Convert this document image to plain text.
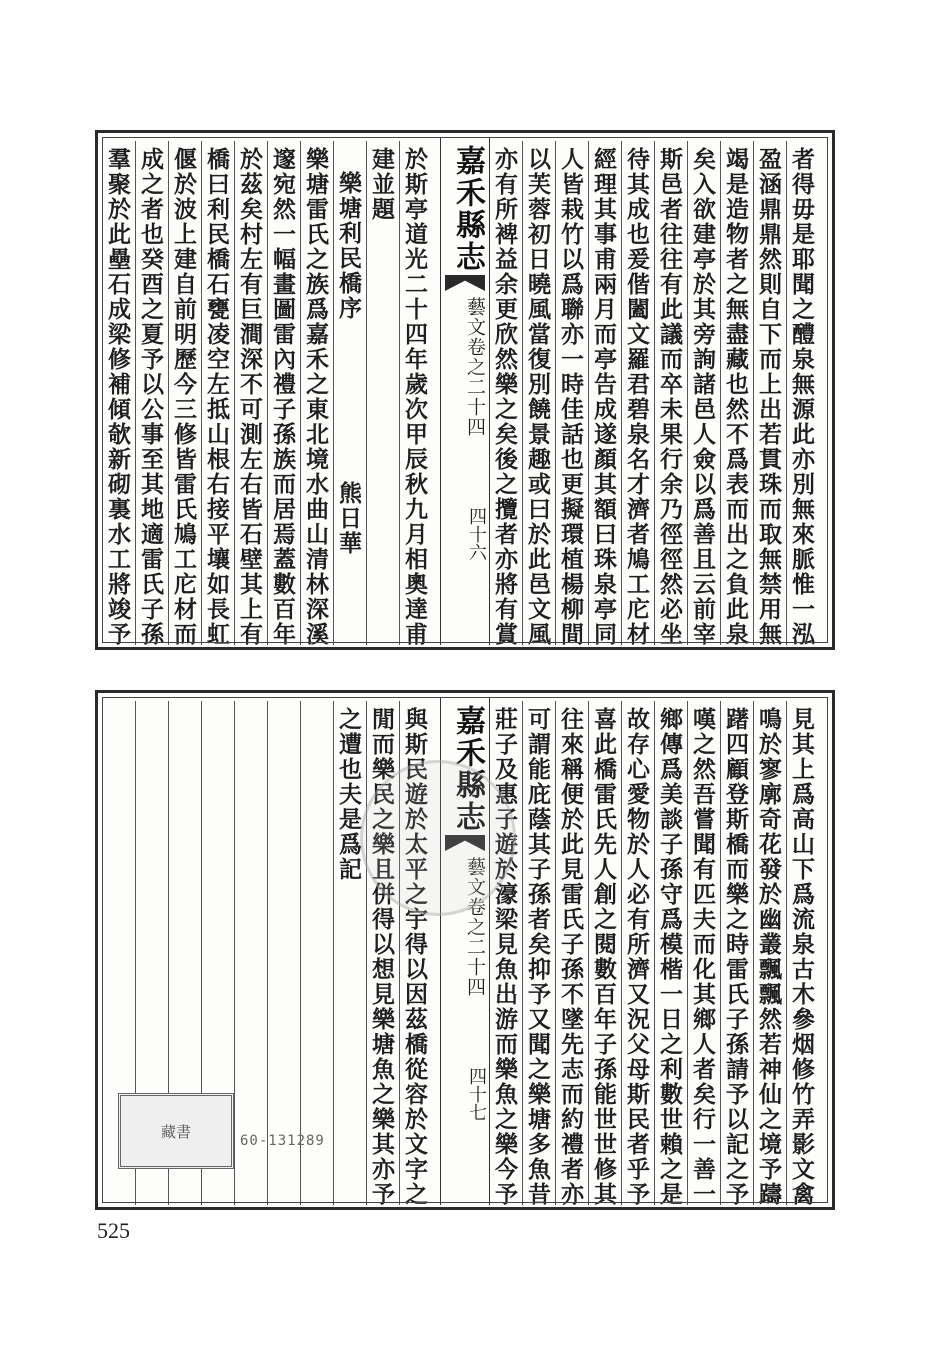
者得毋是耶聞之醴泉無源此亦別無來脈惟一泓
盈涵鼎鼎然則自下而上出若貫珠而取無禁用無
竭是造物者之無盡藏也然不爲表而出之負此泉
矣入欲建亭於其旁詢諸邑人僉以爲善且云前宰
斯邑者往往有此議而卒未果行余乃徑徑然必坐
待其成也爰偕闔文羅君碧泉名才濟者鳩工庀材
經理其事甫兩月而亭告成遂顏其額曰珠泉亭同
人皆栽竹以爲聯亦一時佳話也更擬環植楊柳間
以芙蓉初日曉風當復別饒景趣或曰於此邑文風
亦有所裨益余更欣然樂之矣後之攬者亦將有賞
嘉禾縣志
藝文卷之二十四
四十六
於斯亭道光二十四年歲次甲辰秋九月相奧達甫
建並題
樂塘利民橋序
熊日華
樂塘雷氏之族爲嘉禾之東北境水曲山清林深溪
邃宛然一幅畫圖雷內禮子孫族而居焉蓋數百年
於茲矣村左有巨澗深不可測左右皆石壁其上有
橋曰利民橋石甕凌空左抵山根右接平壤如長虹
偃於波上建自前明歷今三修皆雷氏鳩工庀材而
成之者也癸酉之夏予以公事至其地適雷氏子孫
羣聚於此壘石成梁修補傾欹新砌裏水工將竣予
見其上爲高山下爲流泉古木參烟修竹弄影文禽
鳴於寥廓奇花發於幽叢飄飄然若神仙之境予躊
躇四顧登斯橋而樂之時雷氏子孫請予以記之予
嘆之然吾嘗聞有匹夫而化其鄉人者矣行一善一
鄉傳爲美談子孫守爲模楷一日之利數世賴之是
故存心愛物於人必有所濟又況父母斯民者乎予
喜此橋雷氏先人創之閱數百年子孫能世世修其
往來稱便於此見雷氏子孫不墜先志而約禮者亦
可謂能庇蔭其子孫者矣抑予又聞之樂塘多魚昔
莊子及惠子遊於濠梁見魚出游而樂魚之樂今予
嘉禾縣志
藝文卷之二十四
四十七
與斯民遊於太平之宇得以因茲橋從容於文字之
閒而樂民之樂且併得以想見樂塘魚之樂其亦予
之遭也夫是爲記
藏書
60-131289
525
